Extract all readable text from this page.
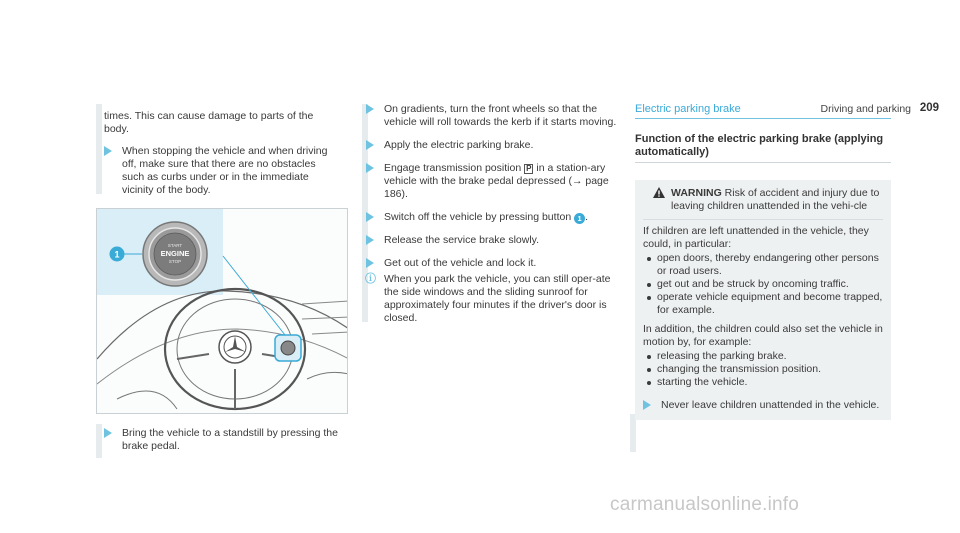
Driving and parking 209

times. This can cause damage to parts of the body.

When stopping the vehicle and when driving off, make sure that there are no obstacles such as curbs under or in the immediate vicinity of the body.
1
START
ENGINE
STOP
Bring the vehicle to a standstill by pressing the brake pedal.
On gradients, turn the front wheels so that the vehicle will roll towards the kerb if it starts moving.
Apply the electric parking brake.
Engage transmission position P in a station-ary vehicle with the brake pedal depressed (→ page 186).
Switch off the vehicle by pressing button 1 .
Release the service brake slowly.
Get out of the vehicle and lock it.
ⓘ When you park the vehicle, you can still oper-ate the side windows and the sliding sunroof for approximately four minutes if the driver's door is closed.
Electric parking brake
Function of the electric parking brake (applying automatically)
WARNING Risk of accident and injury due to leaving children unattended in the vehi-cle

If children are left unattended in the vehicle, they could, in particular:

open doors, thereby endangering other persons or road users.
get out and be struck by oncoming traffic.
operate vehicle equipment and become trapped, for example.

In addition, the children could also set the vehicle in motion by, for example:

releasing the parking brake.
changing the transmission position.
starting the vehicle.
Never leave children unattended in the vehicle.
carmanualsonline.info
